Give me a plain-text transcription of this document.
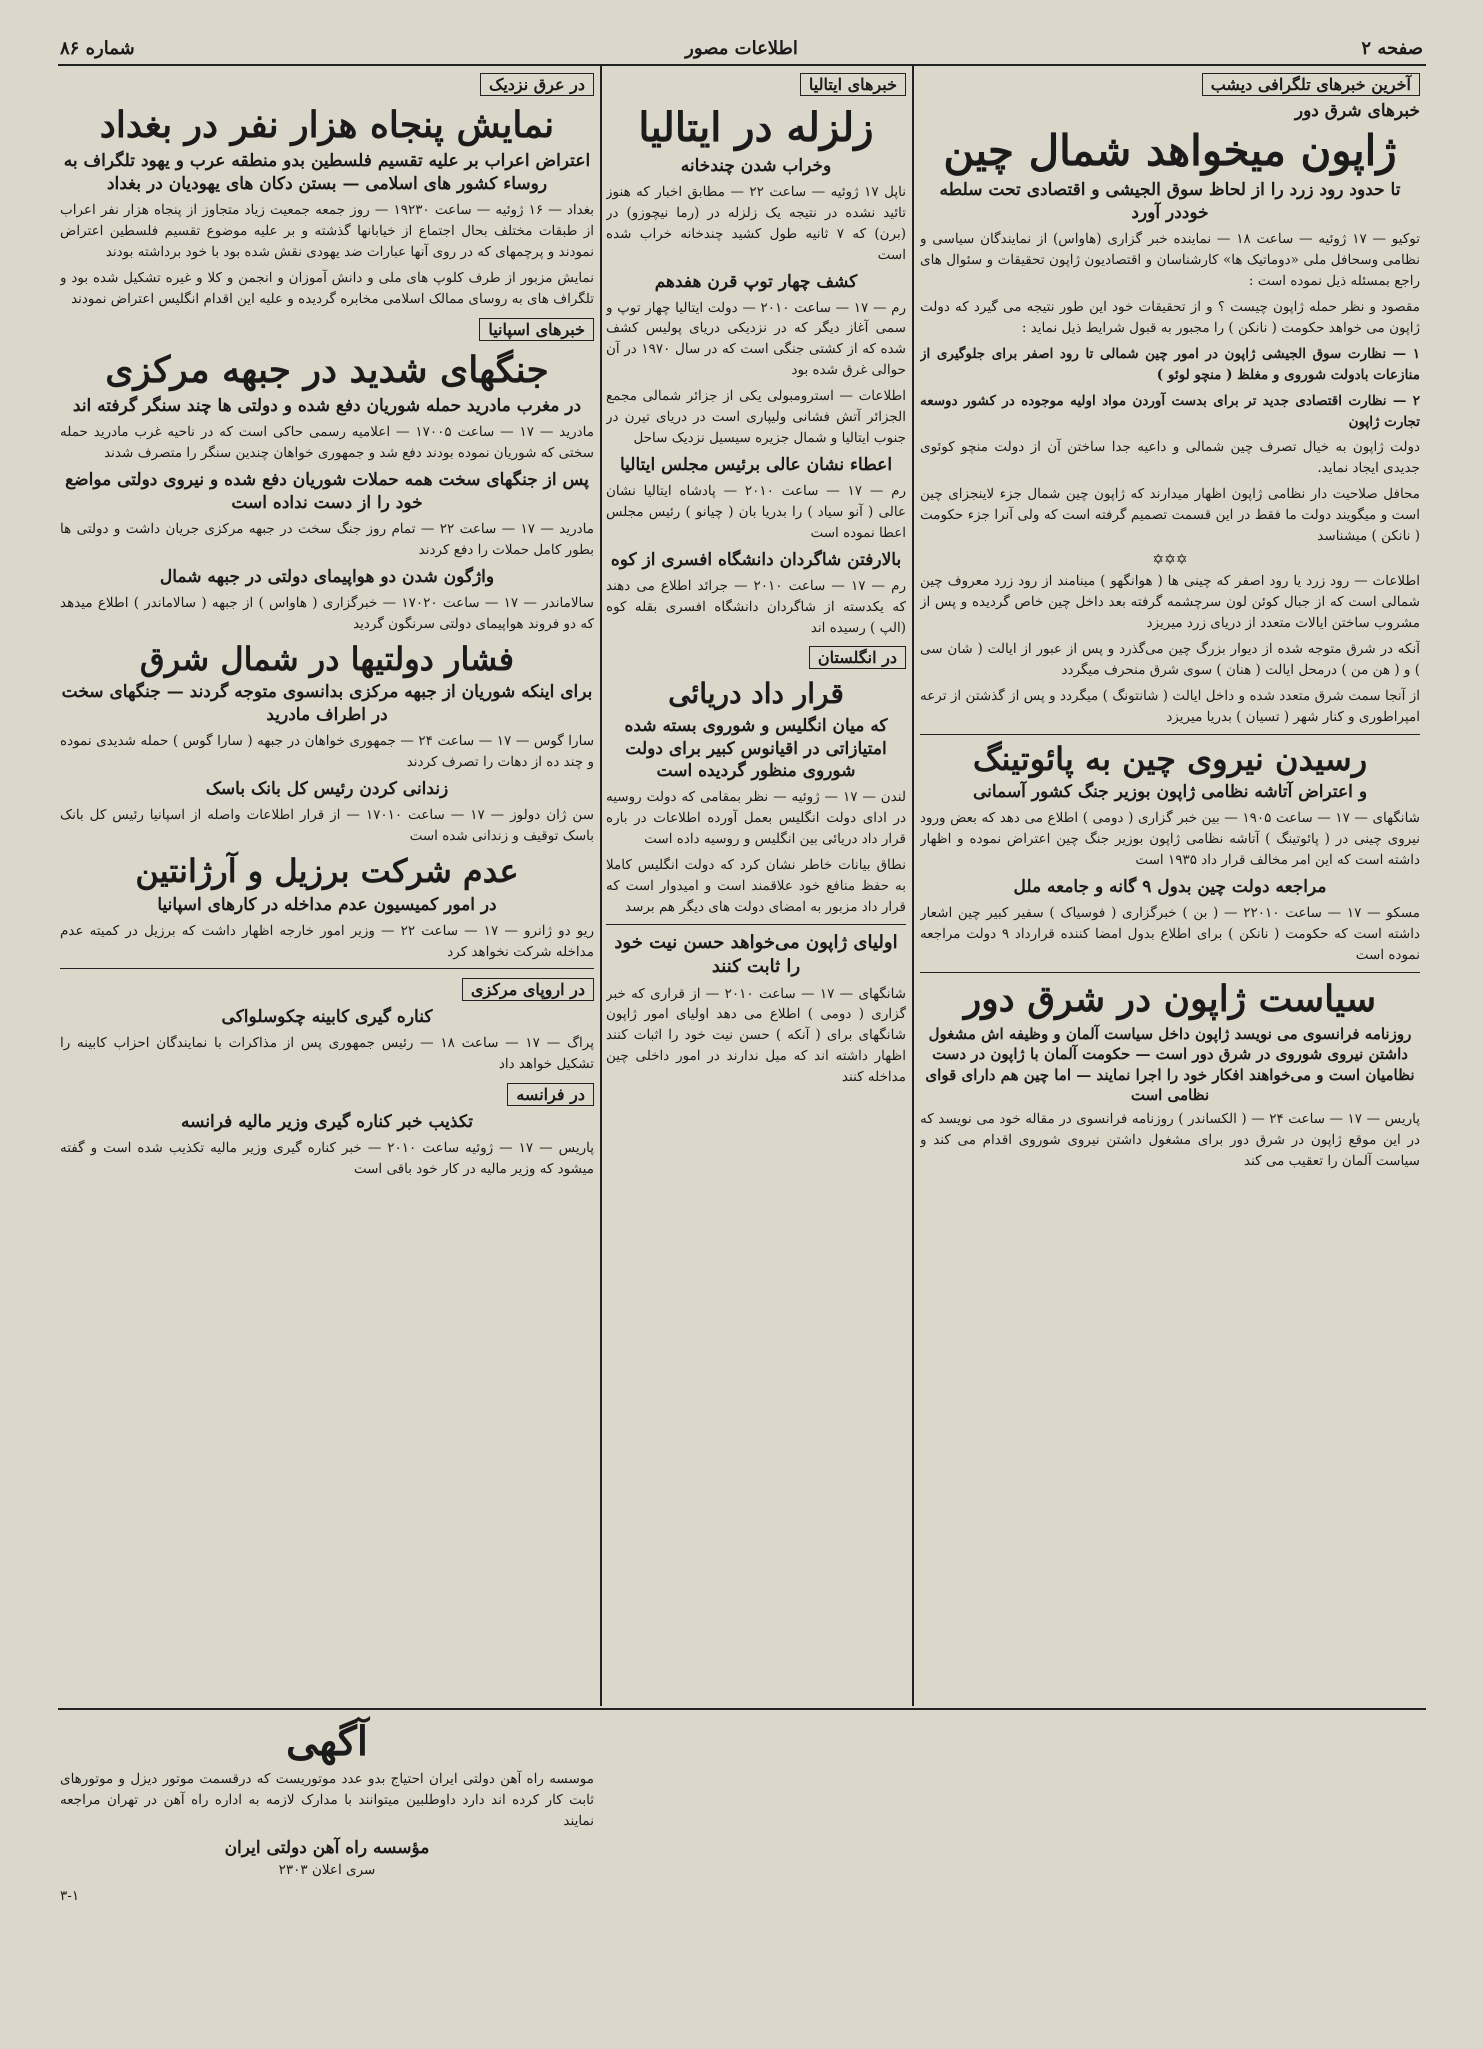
صفحه ۲
اطلاعات مصور
شماره ۸۶
آخرین خبرهای تلگرافی دیشب
خبرهای شرق دور
ژاپون میخواهد شمال چین
تا حدود رود زرد را از لحاظ سوق الجیشی و اقتصادی تحت سلطه خوددر آورد
توکیو — ۱۷ ژوئیه — ساعت ۱۸ — نماینده خبر گزاری (هاواس) از نمایندگان سیاسی و نظامی وسحافل ملی «دوماتیک ها» کارشناسان و اقتصادیون ژاپون تحقیقات و سئوال های راجع بمسئله ذیل نموده است :
مقصود و نظر حمله ژاپون چیست ؟ و از تحقیقات خود این طور نتیجه می گیرد که دولت ژاپون می خواهد حکومت ( نانکن ) را مجبور به قبول شرایط ذیل نماید :
۱ — نظارت سوق الجیشی ژاپون در امور چین شمالی تا رود اصفر برای جلوگیری از منازعات بادولت شوروی و مغلظ ( منچو لوئو )
۲ — نظارت اقتصادی جدید تر برای بدست آوردن مواد اولیه موجوده در کشور دوسعه تجارت ژاپون
دولت ژاپون به خیال تصرف چین شمالی و داعیه جدا ساختن آن از دولت منچو کوئوی جدیدی ایجاد نماید.
محافل صلاحیت دار نظامی ژاپون اظهار میدارند که ژاپون چین شمال جزء لاینجزای چین است و میگویند دولت ما فقط در این قسمت تصمیم گرفته است که ولی آنرا جزء حکومت ( نانکن ) میشناسد
✡✡✡
اطلاعات — رود زرد یا رود اصفر که چینی ها ( هوانگهو ) مینامند از رود زرد معروف چین شمالی است که از جبال کوئن لون سرچشمه گرفته بعد داخل چین خاص گردیده و پس از مشروب ساختن ایالات متعدد از دریای زرد میریزد
آنکه در شرق متوجه شده از دیوار بزرگ چین می‌گذرد و پس از عبور از ایالت ( شان سی ) و ( هن من ) درمحل ایالت ( هنان ) سوی شرق منحرف میگردد
از آنجا سمت شرق متعدد شده و داخل ایالت ( شانتونگ ) میگردد و پس از گذشتن از ترعه امپراطوری و کنار شهر ( تسیان ) بدریا میریزد
رسیدن نیروی چین به پائوتینگ
و اعتراض آتاشه نظامی ژاپون بوزیر جنگ کشور آسمانی
شانگهای — ۱۷ — ساعت ۱۹۰۵ — بین خبر گزاری ( دومی ) اطلاع می دهد که بعض ورود نیروی چینی در ( پائوتینگ ) آتاشه نظامی ژاپون بوزیر جنگ چین اعتراض نموده و اظهار داشته است که این امر مخالف قرار داد ۱۹۳۵ است
مراجعه دولت چین بدول ۹ گانه و جامعه ملل
مسکو — ۱۷ — ساعت ۲۲۰۱۰ — ( بن ) خبرگزاری ( فوسیاک ) سفیر کبیر چین اشعار داشته است که حکومت ( نانکن ) برای اطلاع بدول امضا کننده قرارداد ۹ دولت مراجعه نموده است
سیاست ژاپون در شرق دور
روزنامه فرانسوی می نویسد ژاپون داخل سیاست آلمان و وظیفه اش مشغول داشتن نیروی شوروی در شرق دور است — حکومت آلمان با ژاپون در دست نظامیان است و می‌خواهند افکار خود را اجرا نمایند — اما چین هم دارای قوای نظامی است
پاریس — ۱۷ — ساعت ۲۴ — ( الکساندر ) روزنامه فرانسوی در مقاله خود می نویسد که در این موقع ژاپون در شرق دور برای مشغول داشتن نیروی شوروی اقدام می کند و سیاست آلمان را تعقیب می کند
خبرهای ایتالیا
زلزله در ایتالیا
وخراب شدن چندخانه
ناپل ۱۷ ژوئیه — ساعت ۲۲ — مطابق اخبار که هنوز تائید نشده در نتیجه یک زلزله در (رما نیچوزو) در (برن) که ۷ ثانیه طول کشید چندخانه خراب شده است
کشف چهار توپ قرن هفدهم
رم — ۱۷ — ساعت ۲۰۱۰ — دولت ایتالیا چهار توپ و سمی آغاز دیگر که در نزدیکی دریای پولیس کشف شده که از کشتی جنگی است که در سال ۱۹۷۰ در آن حوالی غرق شده بود
اطلاعات — استرومبولی یکی از جزائر شمالی مجمع الجزائر آتش فشانی ولیپاری است در دریای تیرن در جنوب ایتالیا و شمال جزیره سیسیل نزدیک ساحل
اعطاء نشان عالی برئیس مجلس ایتالیا
رم — ۱۷ — ساعت ۲۰۱۰ — پادشاه ایتالیا نشان عالی ( آنو سیاد ) را بدریا بان ( چیانو ) رئیس مجلس اعطا نموده است
بالارفتن شاگردان دانشگاه افسری از کوه
رم — ۱۷ — ساعت ۲۰۱۰ — جرائد اطلاع می دهند که یکدسته از شاگردان دانشگاه افسری بقله کوه (الپ ) رسیده اند
در انگلستان
قرار داد دریائی
که میان انگلیس و شوروی بسته شده امتیازاتی در اقیانوس کبیر برای دولت شوروی منظور گردیده است
لندن — ۱۷ — ژوئیه — نظر بمقامی که دولت روسیه در ادای دولت انگلیس بعمل آورده اطلاعات در باره قرار داد دریائی بین انگلیس و روسیه داده است
نطاق بیانات خاطر نشان کرد که دولت انگلیس کاملا به حفظ منافع خود علاقمند است و امیدوار است که قرار داد مزبور به امضای دولت های دیگر هم برسد
اولیای ژاپون می‌خواهد حسن نیت خود را ثابت کنند
شانگهای — ۱۷ — ساعت ۲۰۱۰ — از قراری که خبر گزاری ( دومی ) اطلاع می دهد اولیای امور ژاپون شانگهای برای ( آنکه ) حسن نیت خود را اثبات کنند اظهار داشته اند که میل ندارند در امور داخلی چین مداخله کنند
در عرق نزدیک
نمایش پنجاه هزار نفر در بغداد
اعتراض اعراب بر علیه تقسیم فلسطین بدو منطقه عرب و یهود تلگراف به روساء کشور های اسلامی — بستن دکان های یهودیان در بغداد
بغداد — ۱۶ ژوئیه — ساعت ۱۹۲۳۰ — روز جمعه جمعیت زیاد متجاوز از پنجاه هزار نفر اعراب از طبقات مختلف بحال اجتماع از خیابانها گذشته و بر علیه موضوع تقسیم فلسطین اعتراض نمودند و پرچمهای که در روی آنها عبارات ضد یهودی نقش شده بود با خود برداشته بودند
نمایش مزبور از طرف کلوپ های ملی و دانش آموزان و انجمن و کلا و غیره تشکیل شده بود و تلگراف های به روسای ممالک اسلامی مخابره گردیده و علیه این اقدام انگلیس اعتراض نمودند
خبرهای اسپانیا
جنگهای شدید در جبهه مرکزی
در مغرب مادرید حمله شوریان دفع شده و دولتی ها چند سنگر گرفته اند
مادرید — ۱۷ — ساعت ۱۷۰۰۵ — اعلامیه رسمی حاکی است که در ناحیه غرب مادرید حمله سختی که شوریان نموده بودند دفع شد و جمهوری خواهان چندین سنگر را متصرف شدند
پس از جنگهای سخت همه حملات شوریان دفع شده و نیروی دولتی مواضع خود را از دست نداده است
مادرید — ۱۷ — ساعت ۲۲ — تمام روز جنگ سخت در جبهه مرکزی جریان داشت و دولتی ها بطور کامل حملات را دفع کردند
واژگون شدن دو هواپیمای دولتی در جبهه شمال
سالاماندر — ۱۷ — ساعت ۱۷۰۲۰ — خبرگزاری ( هاواس ) از جبهه ( سالاماندر ) اطلاع میدهد که دو فروند هواپیمای دولتی سرنگون گردید
فشار دولتیها در شمال شرق
برای اینکه شوریان از جبهه مرکزی بدانسوی متوجه گردند — جنگهای سخت در اطراف مادرید
سارا گوس — ۱۷ — ساعت ۲۴ — جمهوری خواهان در جبهه ( سارا گوس ) حمله شدیدی نموده و چند ده از دهات را تصرف کردند
زندانی کردن رئیس کل بانک باسک
سن ژان دولوز — ۱۷ — ساعت ۱۷۰۱۰ — از قرار اطلاعات واصله از اسپانیا رئیس کل بانک باسک توقیف و زندانی شده است
عدم شرکت برزیل و آرژانتین
در امور کمیسیون عدم مداخله در کارهای اسپانیا
ریو دو ژانرو — ۱۷ — ساعت ۲۲ — وزیر امور خارجه اظهار داشت که برزیل در کمیته عدم مداخله شرکت نخواهد کرد
در اروپای مرکزی
کناره گیری کابینه چکوسلواکی
پراگ — ۱۷ — ساعت ۱۸ — رئیس جمهوری پس از مذاکرات با نمایندگان احزاب کابینه را تشکیل خواهد داد
در فرانسه
تکذیب خبر کناره گیری وزیر مالیه فرانسه
پاریس — ۱۷ — ژوئیه ساعت ۲۰۱۰ — خبر کناره گیری وزیر مالیه تکذیب شده است و گفته میشود که وزیر مالیه در کار خود باقی است
آگهی
موسسه راه آهن دولتی ایران احتیاج بدو عدد موتوریست که درقسمت موتور دیزل و موتورهای ثابت کار کرده اند دارد داوطلبین میتوانند با مدارک لازمه به اداره راه آهن در تهران مراجعه نمایند
مؤسسه راه آهن دولتی ایران
سری اعلان ۲۳۰۳
۳-۱
